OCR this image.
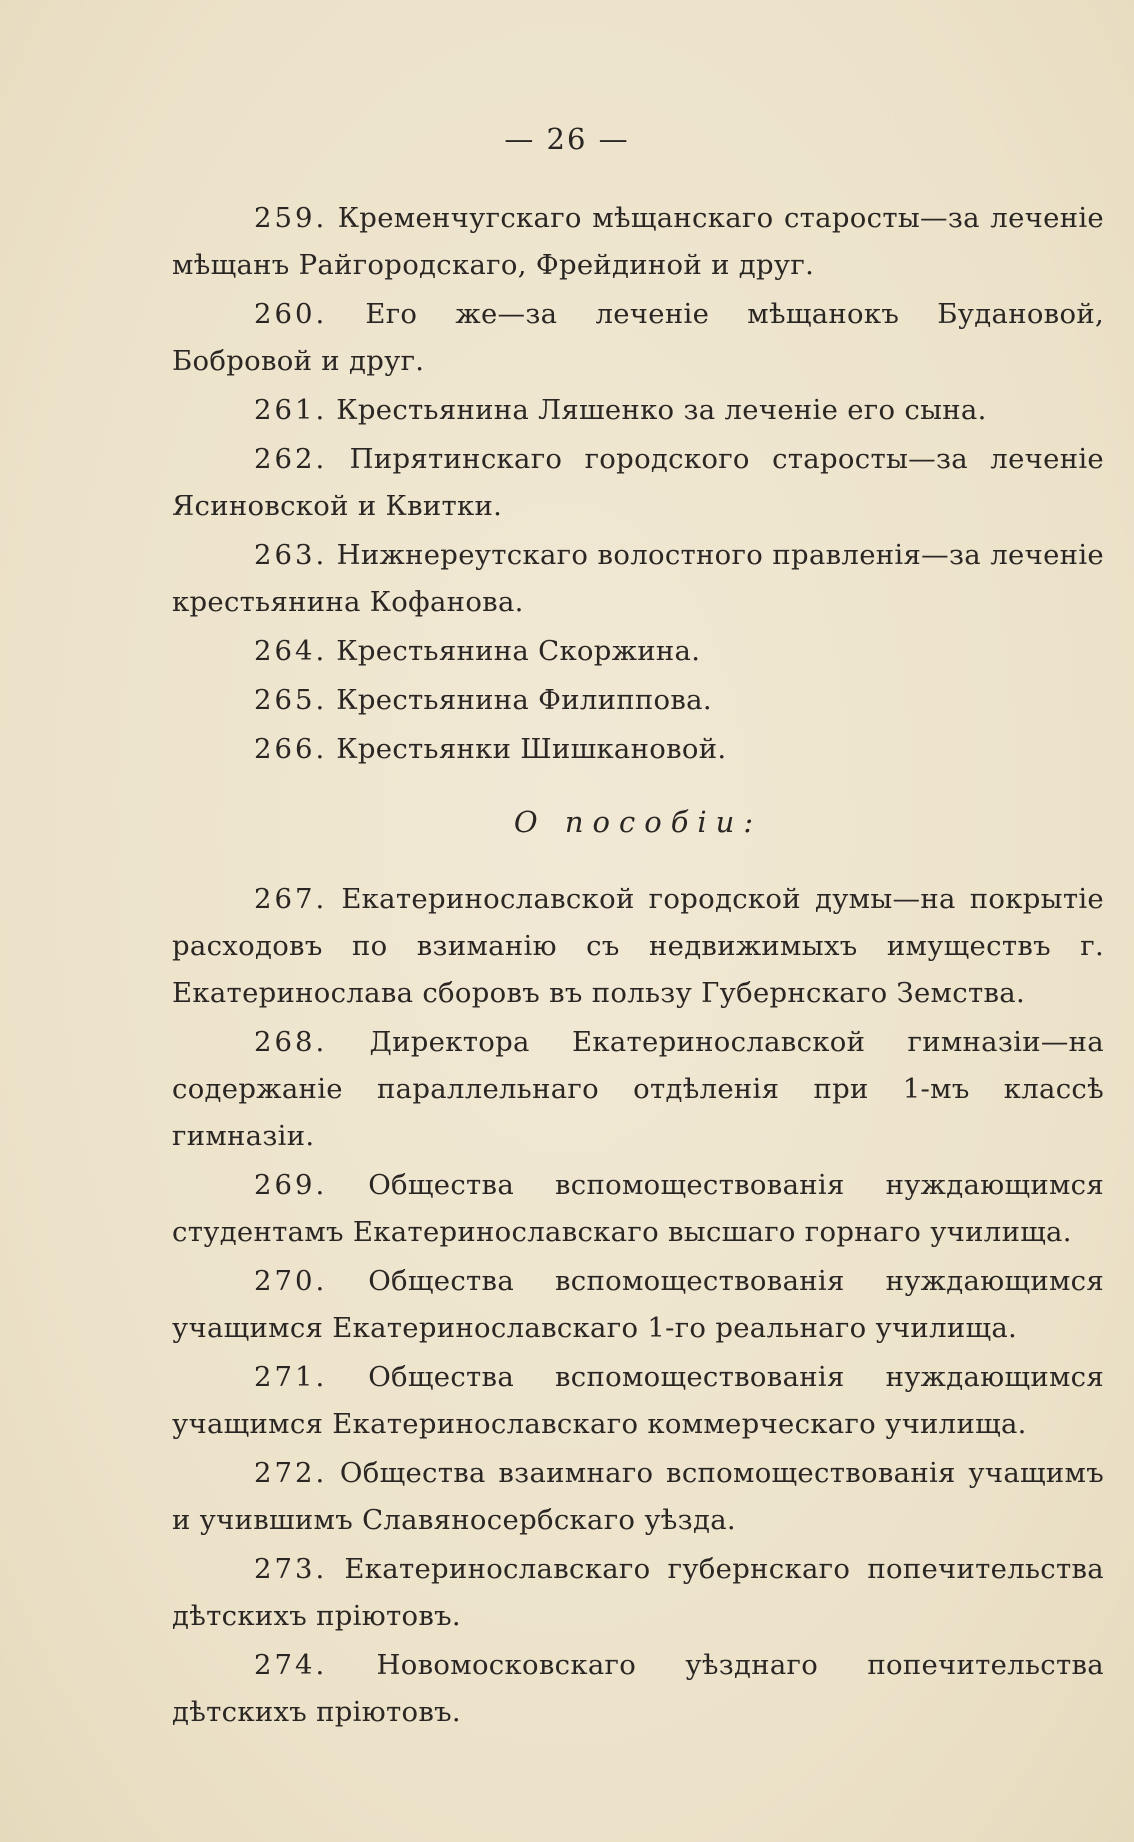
— 26 —

259. Кременчугскаго мѣщанскаго старосты—за леченіе мѣщанъ Райгородскаго, Фрейдиной и друг.

260. Его же—за леченіе мѣщанокъ Будановой, Бобровой и друг.

261. Крестьянина Ляшенко за леченіе его сына.

262. Пирятинскаго городского старосты—за леченіе Ясиновской и Квитки.

263. Нижнереутскаго волостного правленія—за леченіе крестьянина Кофанова.

264. Крестьянина Скоржина.

265. Крестьянина Филиппова.

266. Крестьянки Шишкановой.

О пособіи:

267. Екатеринославской городской думы—на покрытіе расходовъ по взиманію съ недвижимыхъ имуществъ г. Екатеринослава сборовъ въ пользу Губернскаго Земства.

268. Директора Екатеринославской гимназіи—на содержаніе параллельнаго отдѣленія при 1-мъ классѣ гимназіи.

269. Общества вспомоществованія нуждающимся студентамъ Екатеринославскаго высшаго горнаго училища.

270. Общества вспомоществованія нуждающимся учащимся Екатеринославскаго 1-го реальнаго училища.

271. Общества вспомоществованія нуждающимся учащимся Екатеринославскаго коммерческаго училища.

272. Общества взаимнаго вспомоществованія учащимъ и учившимъ Славяносербскаго уѣзда.

273. Екатеринославскаго губернскаго попечительства дѣтскихъ пріютовъ.

274. Новомосковскаго уѣзднаго попечительства дѣтскихъ пріютовъ.
